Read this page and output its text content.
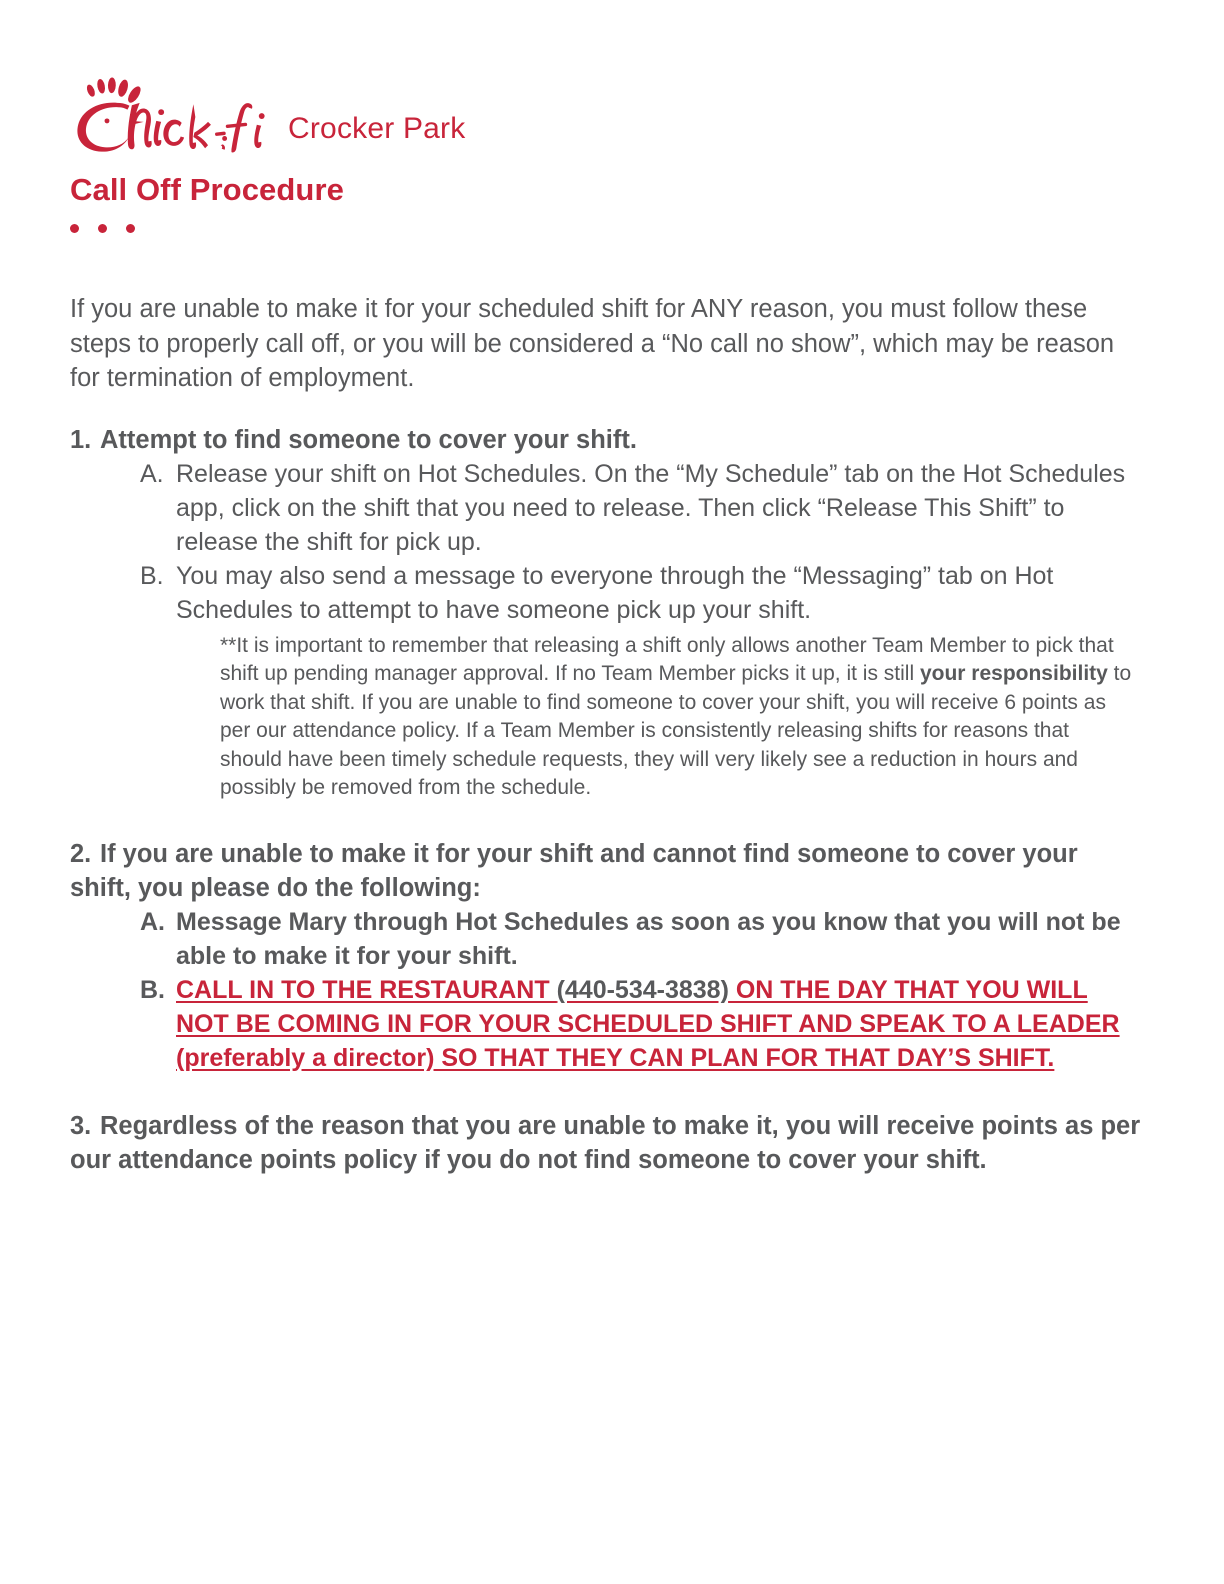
Crocker Park
Call Off Procedure

If you are unable to make it for your scheduled shift for ANY reason, you must follow these steps to properly call off, or you will be considered a “No call no show”, which may be reason for termination of employment.

1. Attempt to find someone to cover your shift.
A. Release your shift on Hot Schedules. On the “My Schedule” tab on the Hot Schedules app, click on the shift that you need to release. Then click “Release This Shift” to release the shift for pick up.
B. You may also send a message to everyone through the “Messaging” tab on Hot Schedules to attempt to have someone pick up your shift.
**It is important to remember that releasing a shift only allows another Team Member to pick that shift up pending manager approval. If no Team Member picks it up, it is still your responsibility to work that shift. If you are unable to find someone to cover your shift, you will receive 6 points as per our attendance policy. If a Team Member is consistently releasing shifts for reasons that should have been timely schedule requests, they will very likely see a reduction in hours and possibly be removed from the schedule.
2. If you are unable to make it for your shift and cannot find someone to cover your shift, you please do the following:
A. Message Mary through Hot Schedules as soon as you know that you will not be able to make it for your shift.
B. CALL IN TO THE RESTAURANT (440-534-3838) ON THE DAY THAT YOU WILL NOT BE COMING IN FOR YOUR SCHEDULED SHIFT AND SPEAK TO A LEADER (preferably a director) SO THAT THEY CAN PLAN FOR THAT DAY’S SHIFT.
3. Regardless of the reason that you are unable to make it, you will receive points as per our attendance points policy if you do not find someone to cover your shift.
